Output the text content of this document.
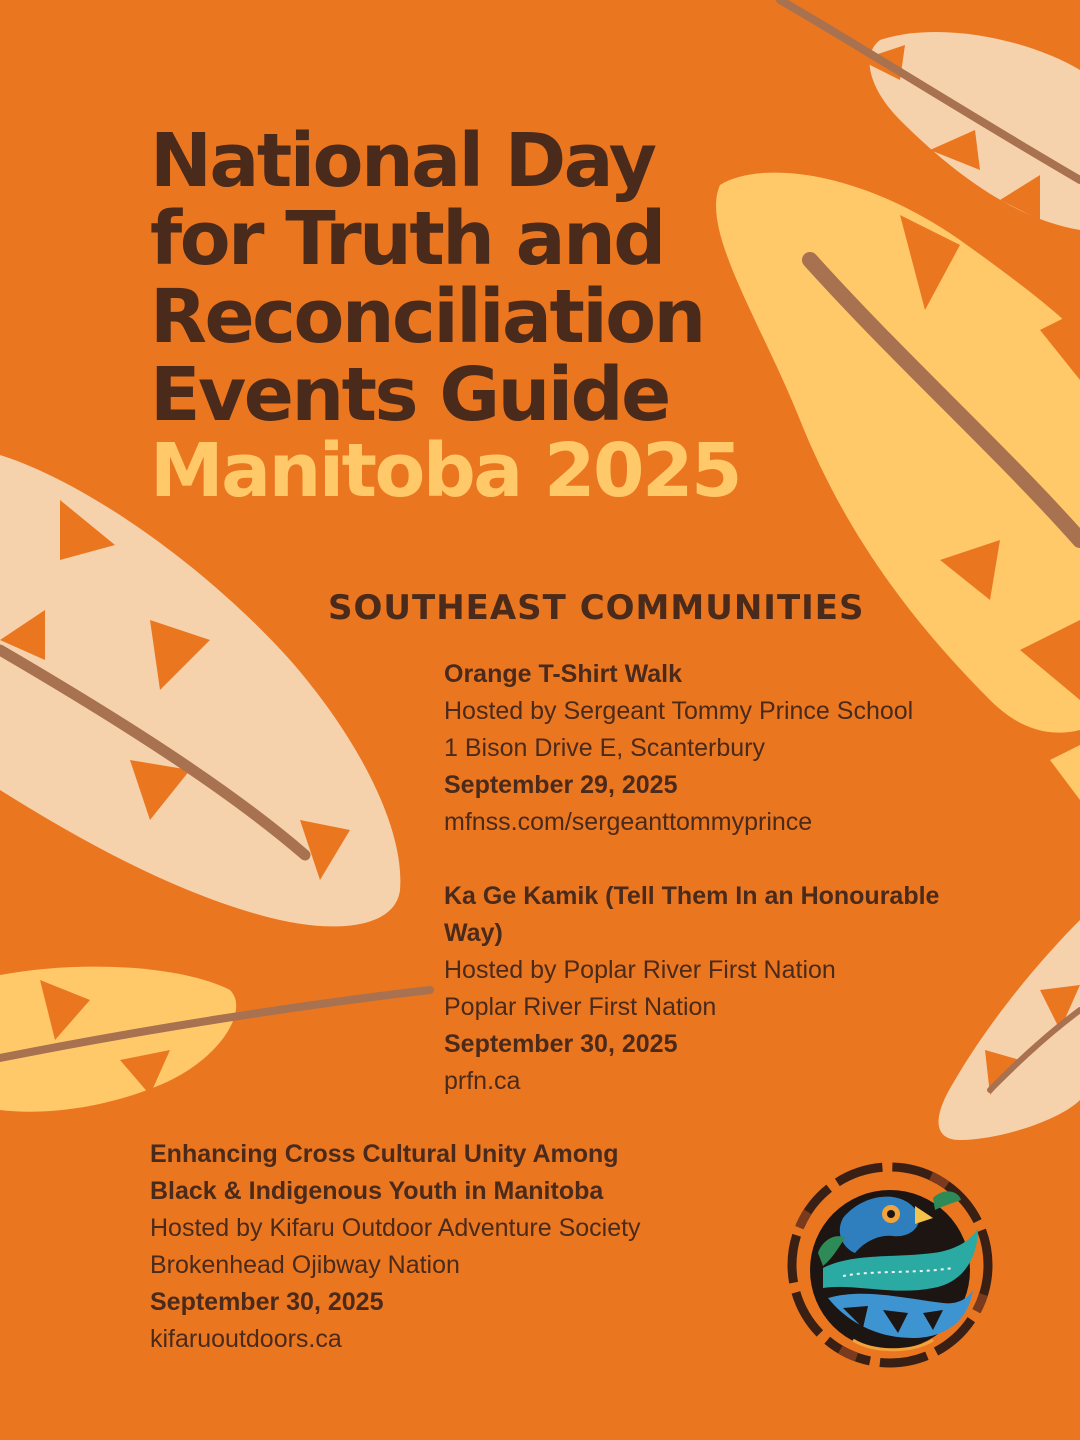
National Day
for Truth and
Reconciliation
Events Guide
Manitoba 2025
SOUTHEAST COMMUNITIES
Orange T-Shirt Walk
Hosted by Sergeant Tommy Prince School
1 Bison Drive E, Scanterbury
September 29, 2025
mfnss.com/sergeanttommyprince
Ka Ge Kamik (Tell Them In an Honourable Way)
Hosted by Poplar River First Nation
Poplar River First Nation
September 30, 2025
prfn.ca
Enhancing Cross Cultural Unity Among
Black & Indigenous Youth in Manitoba
Hosted by Kifaru Outdoor Adventure Society
Brokenhead Ojibway Nation
September 30, 2025
kifaruoutdoors.ca
